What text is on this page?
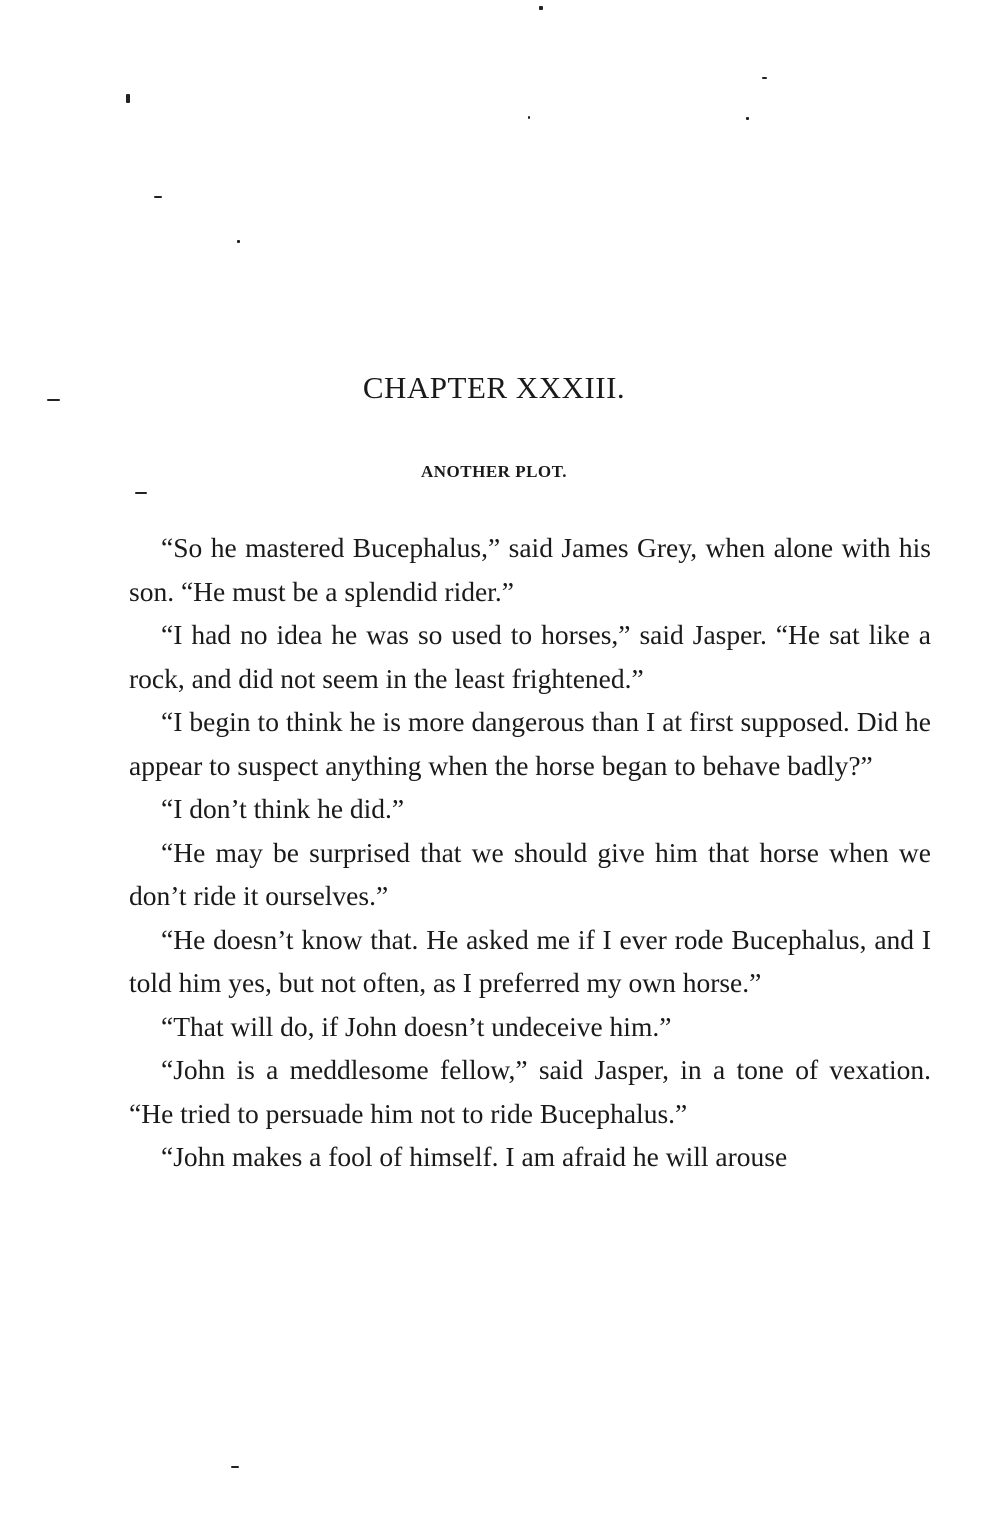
CHAPTER XXXIII.
ANOTHER PLOT.

“So he mastered Bucephalus,” said James Grey, when alone with his son. “He must be a splendid rider.”

“I had no idea he was so used to horses,” said Jasper. “He sat like a rock, and did not seem in the least frightened.”

“I begin to think he is more dangerous than I at first supposed. Did he appear to suspect anything when the horse began to behave badly?”

“I don’t think he did.”

“He may be surprised that we should give him that horse when we don’t ride it ourselves.”

“He doesn’t know that. He asked me if I ever rode Bucephalus, and I told him yes, but not often, as I preferred my own horse.”

“That will do, if John doesn’t undeceive him.”

“John is a meddlesome fellow,” said Jasper, in a tone of vexation. “He tried to persuade him not to ride Bucephalus.”

“John makes a fool of himself. I am afraid he will arouse
